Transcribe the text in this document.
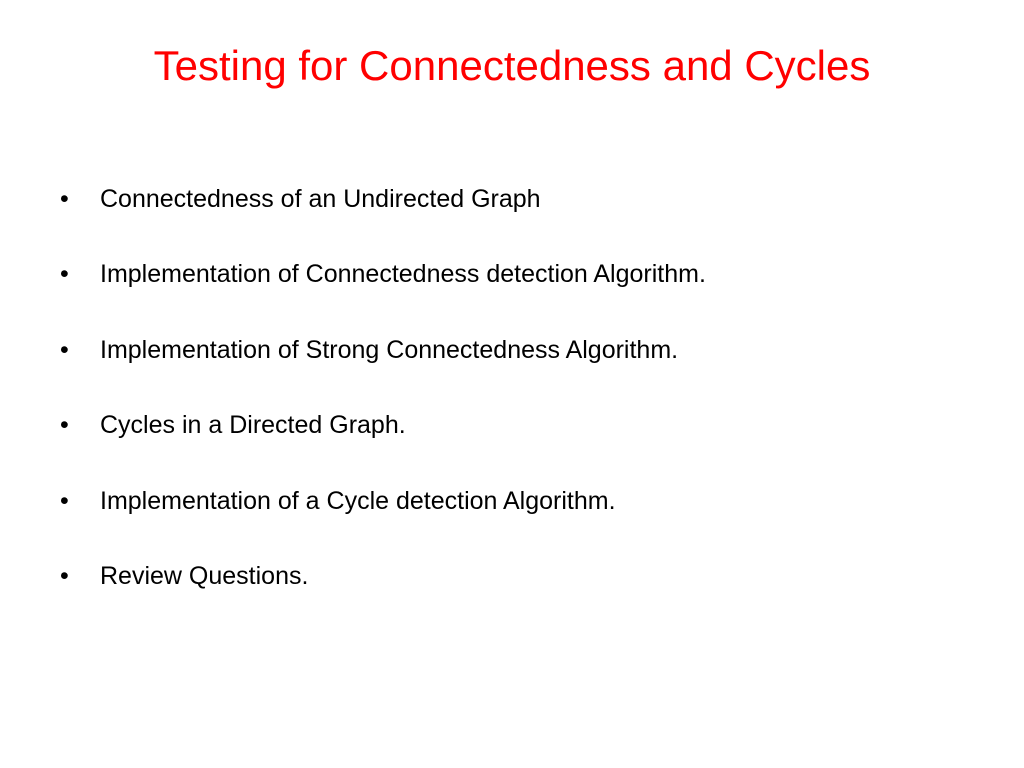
Testing for Connectedness and Cycles
•	Connectedness of an Undirected Graph
•	Implementation of Connectedness detection Algorithm.
•	Implementation of Strong Connectedness Algorithm.
•	Cycles in a Directed Graph.
•	Implementation of a Cycle detection Algorithm.
•	Review Questions.
